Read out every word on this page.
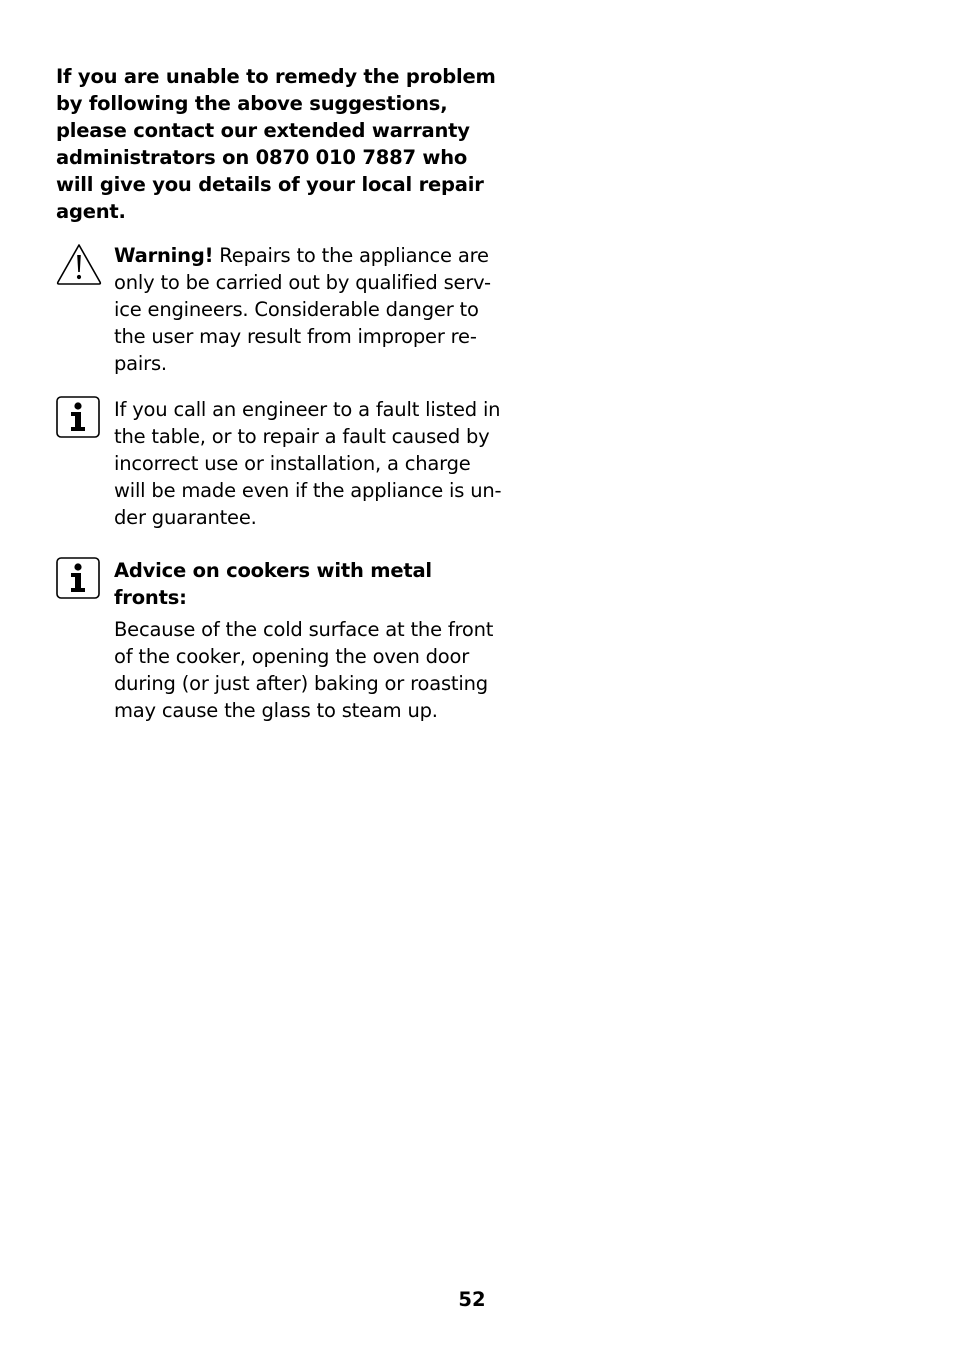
If you are unable to remedy the problem
by following the above suggestions,
please contact our extended warranty
administrators on 0870 010 7887 who
will give you details of your local repair
agent.
Warning! Repairs to the appliance are
only to be carried out by qualified serv-
ice engineers. Considerable danger to
the user may result from improper re-
pairs.
If you call an engineer to a fault listed in
the table, or to repair a fault caused by
incorrect use or installation, a charge
will be made even if the appliance is un-
der guarantee.
Advice on cookers with metal
fronts:
Because of the cold surface at the front
of the cooker, opening the oven door
during (or just after) baking or roasting
may cause the glass to steam up.
52
